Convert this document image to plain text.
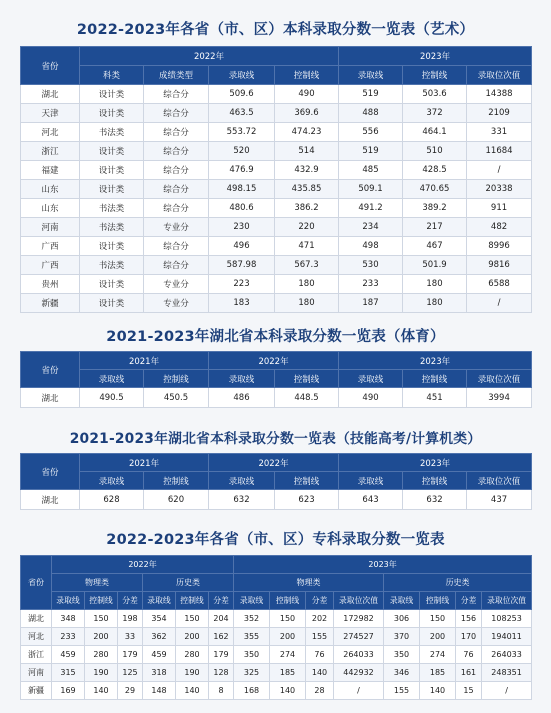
2022-2023年各省（市、区）本科录取分数一览表（艺术）
省份	2022年				2023年		
	科类	成绩类型	录取线	控制线	录取线	控制线	录取位次值
湖北	设计类	综合分	509.6	490	519	503.6	14388
天津	设计类	综合分	463.5	369.6	488	372	2109
河北	书法类	综合分	553.72	474.23	556	464.1	331
浙江	设计类	综合分	520	514	519	510	11684
福建	设计类	综合分	476.9	432.9	485	428.5	/
山东	设计类	综合分	498.15	435.85	509.1	470.65	20338
山东	书法类	综合分	480.6	386.2	491.2	389.2	911
河南	书法类	专业分	230	220	234	217	482
广西	设计类	综合分	496	471	498	467	8996
广西	书法类	综合分	587.98	567.3	530	501.9	9816
贵州	设计类	专业分	223	180	233	180	6588
新疆	设计类	专业分	183	180	187	180	/
2021-2023年湖北省本科录取分数一览表（体育）
省份	2021年		2022年		2023年		
	录取线	控制线	录取线	控制线	录取线	控制线	录取位次值
湖北	490.5	450.5	486	448.5	490	451	3994
2021-2023年湖北省本科录取分数一览表（技能高考/计算机类）
省份	2021年		2022年		2023年		
	录取线	控制线	录取线	控制线	录取线	控制线	录取位次值
湖北	628	620	632	623	643	632	437
2022-2023年各省（市、区）专科录取分数一览表
省份	2022年						2023年							
	物理类			历史类			物理类				历史类			
	录取线	控制线	分差	录取线	控制线	分差	录取线	控制线	分差	录取位次值	录取线	控制线	分差	录取位次值
湖北	348	150	198	354	150	204	352	150	202	172982	306	150	156	108253
河北	233	200	33	362	200	162	355	200	155	274527	370	200	170	194011
浙江	459	280	179	459	280	179	350	274	76	264033	350	274	76	264033
河南	315	190	125	318	190	128	325	185	140	442932	346	185	161	248351
新疆	169	140	29	148	140	8	168	140	28	/	155	140	15	/
